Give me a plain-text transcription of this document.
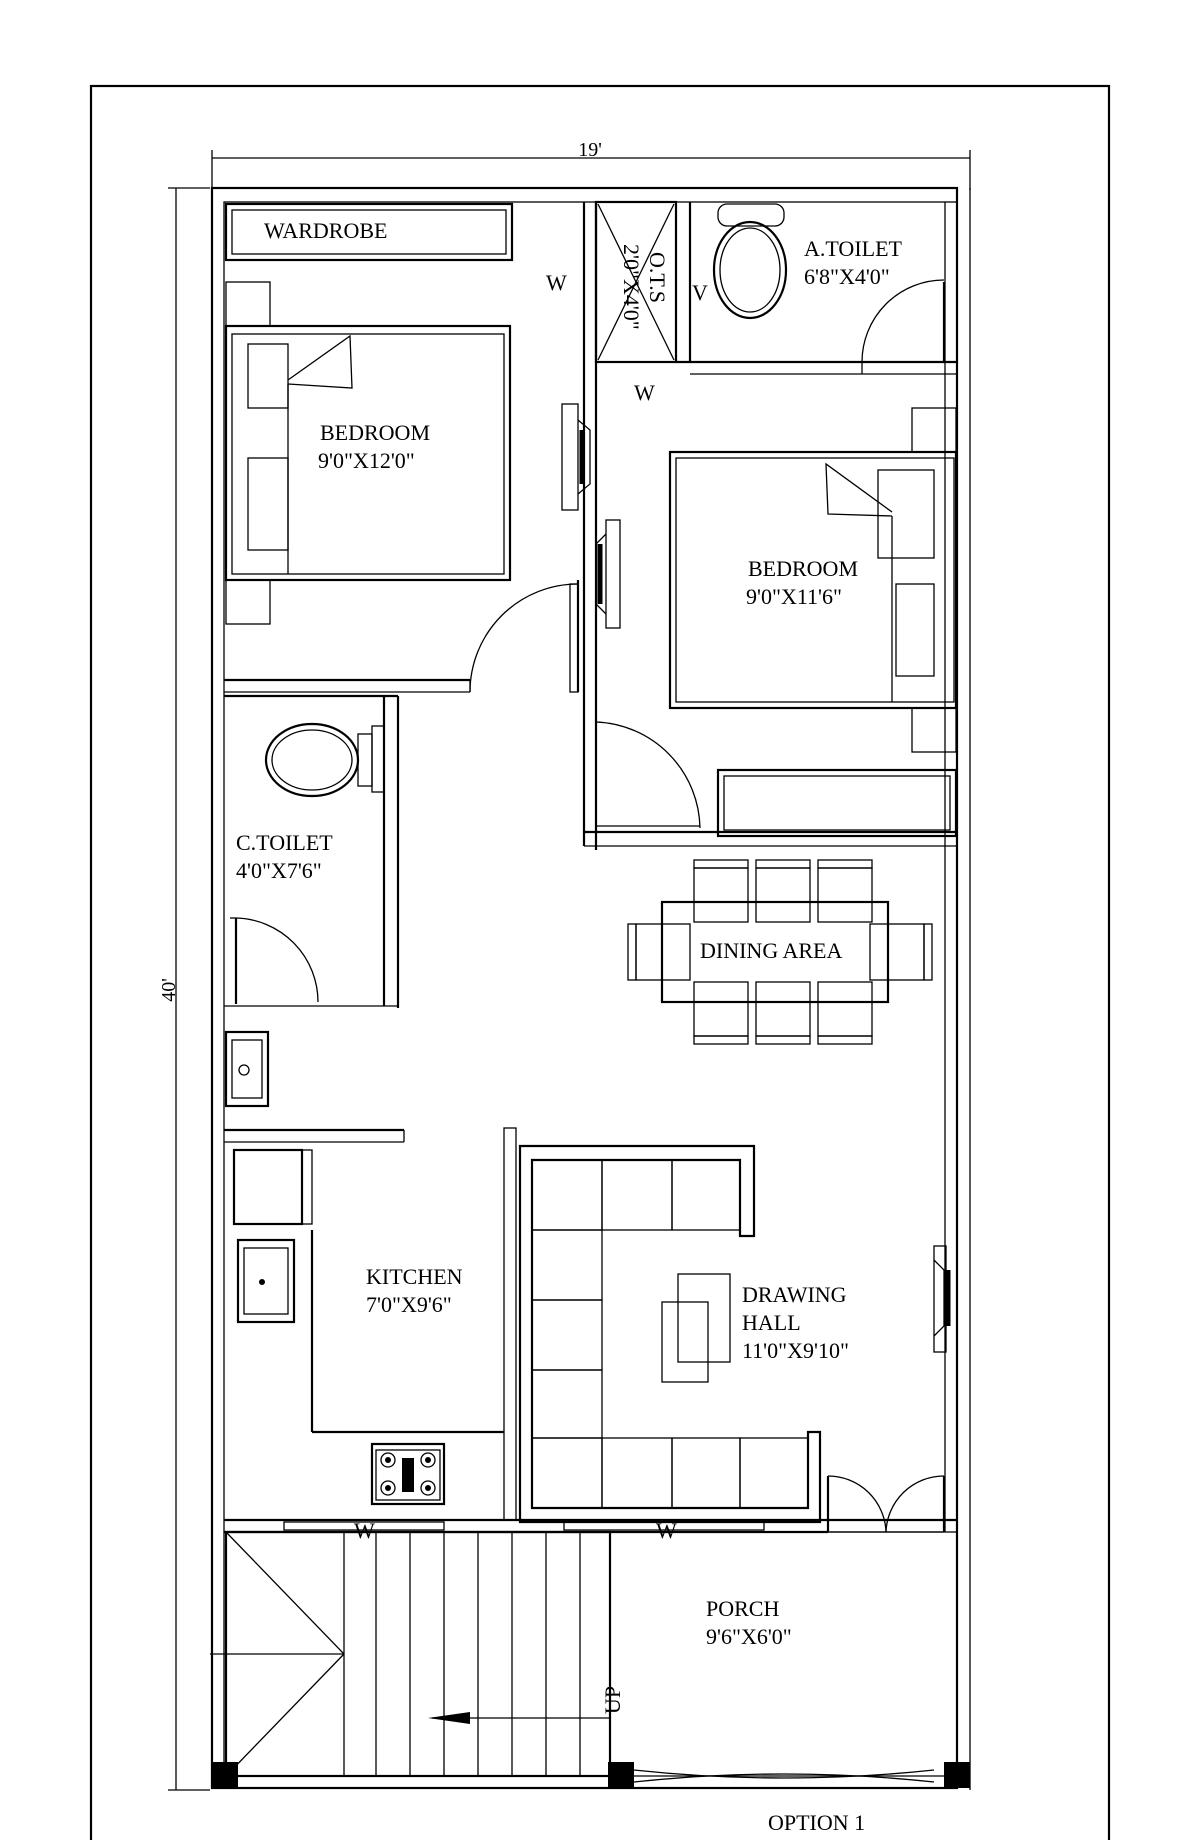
19'
40'
WARDROBE
BEDROOM
9'0"X12'0"
W	O.T.S
2'0"X4'0" V
A.TOILET
6'8"X4'0"
W
BEDROOM
9'0"X11'6"
C.TOILET
4'0"X7'6"
DINING AREA
KITCHEN
7'0"X9'6"	DRAWING
HALL
11'0"X9'10"
W	W
UP
PORCH
9'6"X6'0"
OPTION 1
